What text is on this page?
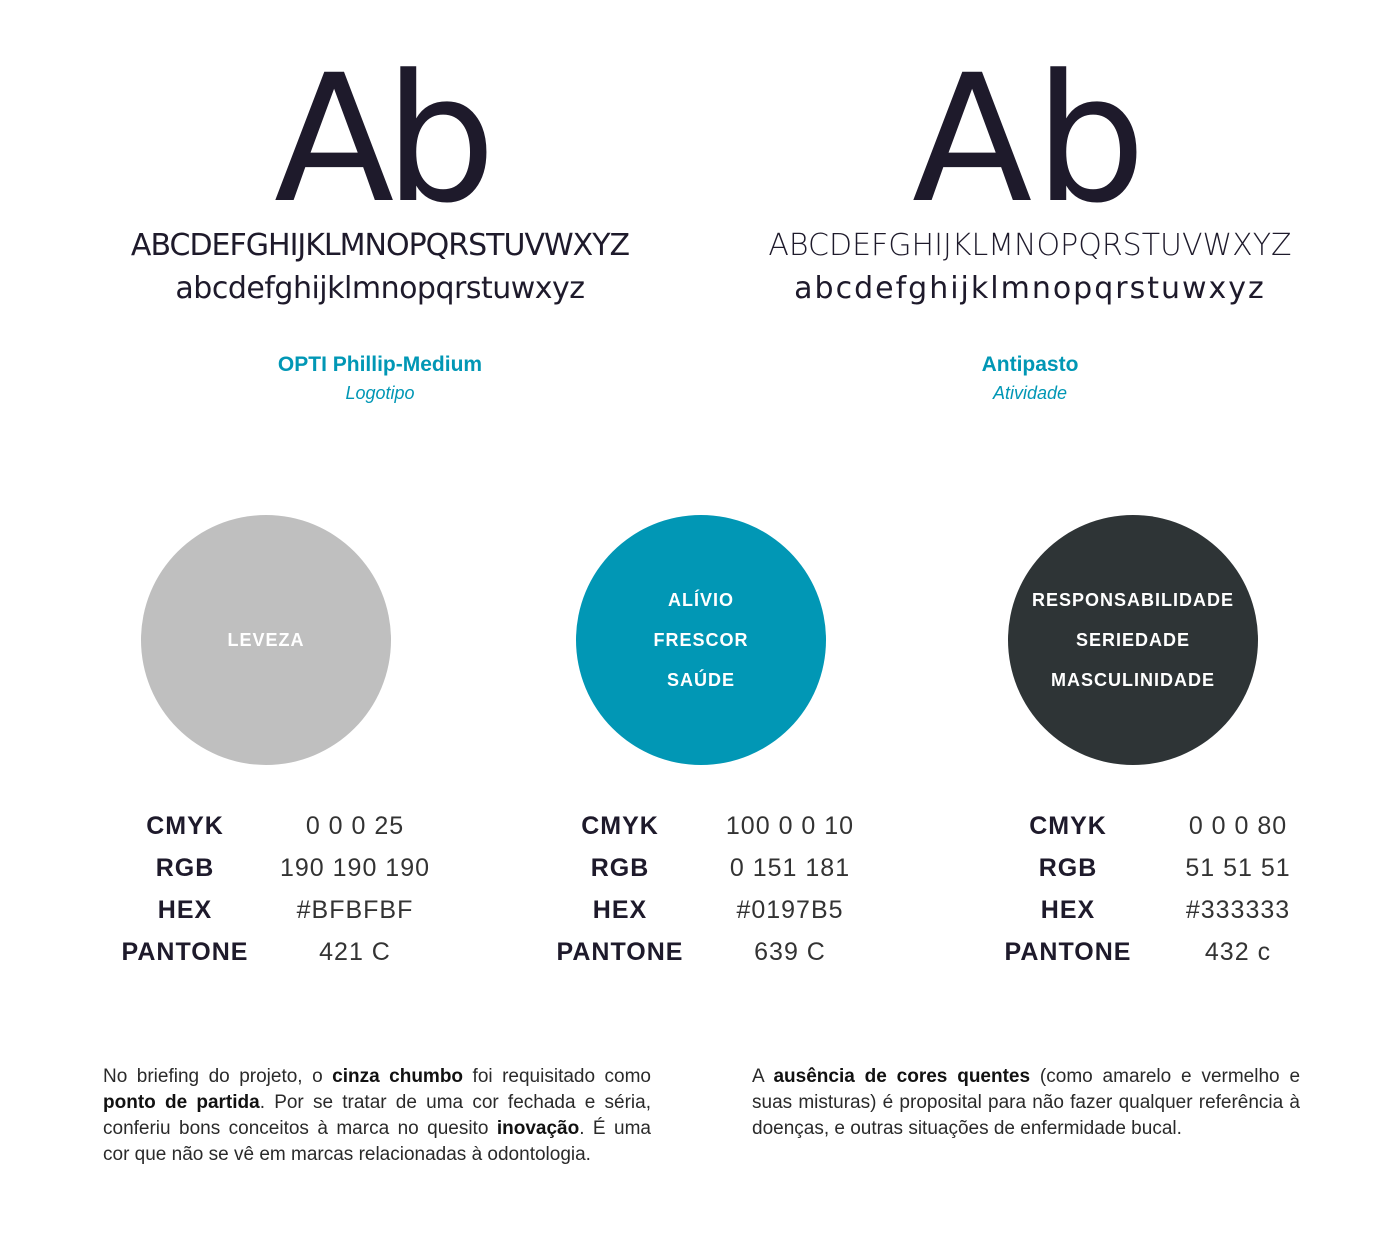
Ab
ABCDEFGHIJKLMNOPQRSTUVWXYZ
abcdefghijklmnopqrstuwxyz
OPTI Phillip-Medium
Logotipo
Ab
ABCDEFGHIJKLMNOPQRSTUVWXYZ
abcdefghijklmnopqrstuwxyz
Antipasto
Atividade
LEVEZA
ALÍVIO
FRESCOR
SAÚDE
RESPONSABILIDADE
SERIEDADE
MASCULINIDADE
CMYK	0 0 0 25
RGB	190 190 190
HEX	#BFBFBF
PANTONE	421 C
CMYK	100 0 0 10
RGB	0 151 181
HEX	#0197B5
PANTONE	639 C
CMYK	0 0 0 80
RGB	51 51 51
HEX	#333333
PANTONE	432 c

No briefing do projeto, o cinza chumbo foi requisitado como ponto de partida. Por se tratar de uma cor fechada e séria, conferiu bons conceitos à marca no quesito inovação. É uma cor que não se vê em marcas relacionadas à odontologia.

A ausência de cores quentes (como amarelo e vermelho e suas misturas) é proposital para não fazer qualquer referência à doenças, e outras situações de enfermidade bucal.
